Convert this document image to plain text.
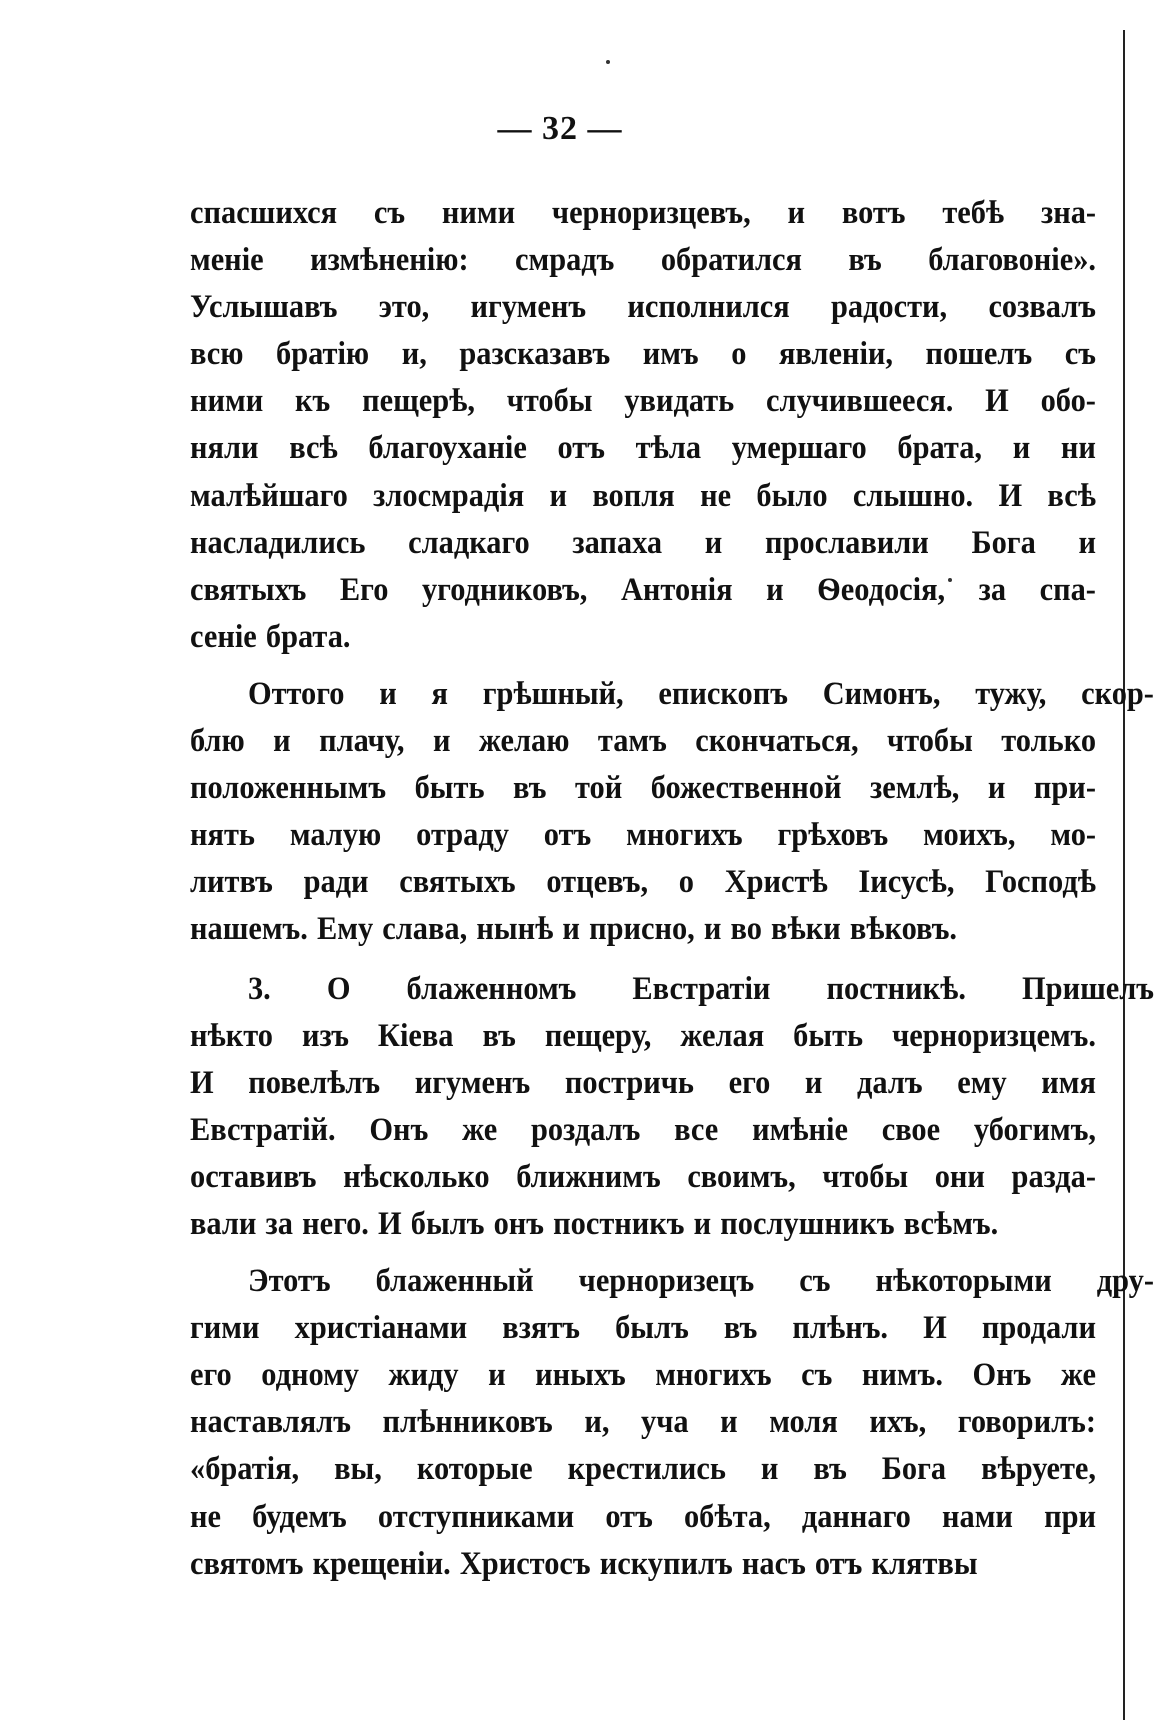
— 32 —
спасшихся съ ними черноризцевъ, и вотъ тебѣ зна-
меніе измѣненію: смрадъ обратился въ благовоніе».
Услышавъ это, игуменъ исполнился радости, созвалъ
всю братію и, разсказавъ имъ о явленіи, пошелъ съ
ними къ пещерѣ, чтобы увидать случившееся. И обо-
няли всѣ благоуханіе отъ тѣла умершаго брата, и ни
малѣйшаго злосмрадія и вопля не было слышно. И всѣ
насладились сладкаго запаха и прославили Бога и
святыхъ Его угодниковъ, Антонія и Ѳеодосія, за спа-
сеніе брата.
Оттого и я грѣшный, епископъ Симонъ, тужу, скор-
блю и плачу, и желаю тамъ скончаться, чтобы только
положеннымъ быть въ той божественной землѣ, и при-
нять малую отраду отъ многихъ грѣховъ моихъ, мо-
литвъ ради святыхъ отцевъ, о Христѣ Іисусѣ, Господѣ
нашемъ. Ему слава, нынѣ и присно, и во вѣки вѣковъ.
3. О блаженномъ Евстратіи постникѣ. Пришелъ
нѣкто изъ Кіева въ пещеру, желая быть черноризцемъ.
И повелѣлъ игуменъ постричь его и далъ ему имя
Евстратій. Онъ же роздалъ все имѣніе свое убогимъ,
оставивъ нѣсколько ближнимъ своимъ, чтобы они разда-
вали за него. И былъ онъ постникъ и послушникъ всѣмъ.
Этотъ блаженный черноризецъ съ нѣкоторыми дру-
гими христіанами взятъ былъ въ плѣнъ. И продали
его одному жиду и иныхъ многихъ съ нимъ. Онъ же
наставлялъ плѣнниковъ и, уча и моля ихъ, говорилъ:
«братія, вы, которые крестились и въ Бога вѣруете,
не будемъ отступниками отъ обѣта, даннаго нами при
святомъ крещеніи. Христосъ искупилъ насъ отъ клятвы
